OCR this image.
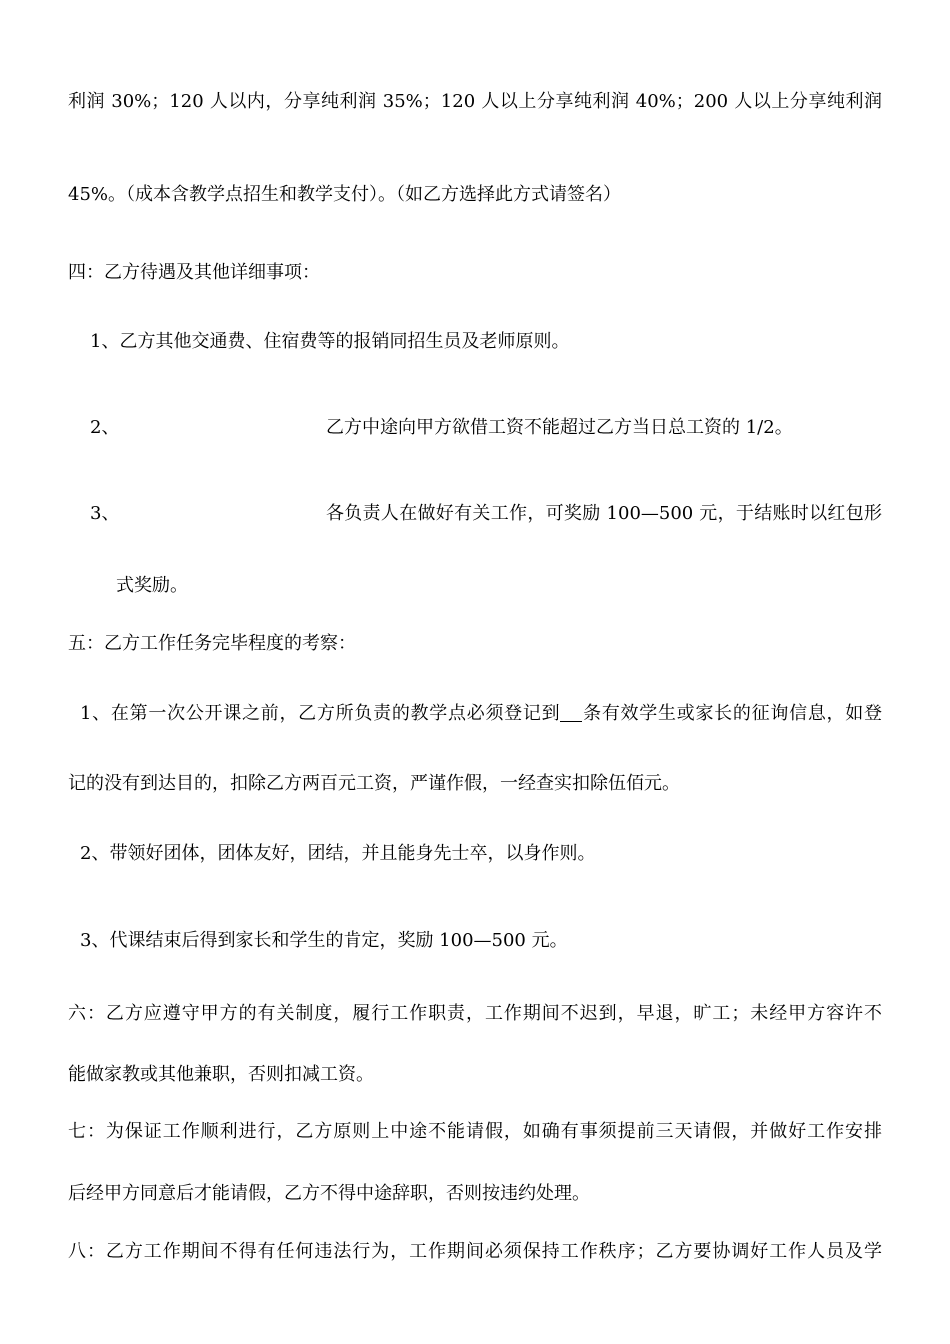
利润 30%；120 人以内，分享纯利润 35%；120 人以上分享纯利润 40%；200 人以上分享纯利润
45%。（成本含教学点招生和教学支付）。（如乙方选择此方式请签名）
四：乙方待遇及其他详细事项：
1、乙方其他交通费、住宿费等的报销同招生员及老师原则。
2、	乙方中途向甲方欲借工资不能超过乙方当日总工资的 1/2。
3、	各负责人在做好有关工作，可奖励 100—500 元，于结账时以红包形
式奖励。
五：乙方工作任务完毕程度的考察：
1、在第一次公开课之前，乙方所负责的教学点必须登记到 条有效学生或家长的征询信息，如登
记的没有到达目的，扣除乙方两百元工资，严谨作假，一经查实扣除伍佰元。
2、带领好团体，团体友好，团结，并且能身先士卒，以身作则。
3、代课结束后得到家长和学生的肯定，奖励 100—500 元。
六：乙方应遵守甲方的有关制度，履行工作职责，工作期间不迟到，早退，旷工；未经甲方容许不
能做家教或其他兼职，否则扣减工资。
七：为保证工作顺利进行，乙方原则上中途不能请假，如确有事须提前三天请假，并做好工作安排
后经甲方同意后才能请假，乙方不得中途辞职，否则按违约处理。
八：乙方工作期间不得有任何违法行为，工作期间必须保持工作秩序；乙方要协调好工作人员及学
